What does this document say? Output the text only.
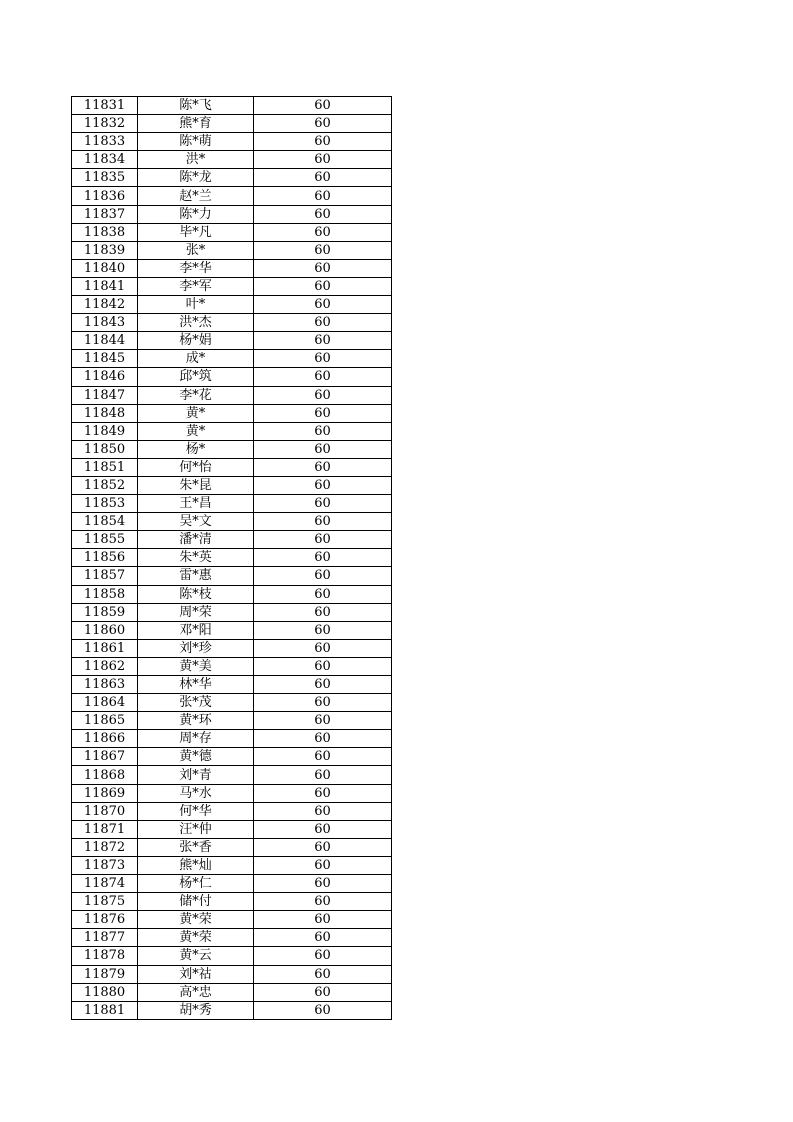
11831	陈*飞	60
11832	熊*育	60
11833	陈*萌	60
11834	洪*	60
11835	陈*龙	60
11836	赵*兰	60
11837	陈*力	60
11838	毕*凡	60
11839	张*	60
11840	李*华	60
11841	李*军	60
11842	叶*	60
11843	洪*杰	60
11844	杨*娟	60
11845	成*	60
11846	邱*筑	60
11847	李*花	60
11848	黄*	60
11849	黄*	60
11850	杨*	60
11851	何*怡	60
11852	朱*昆	60
11853	王*昌	60
11854	吴*文	60
11855	潘*清	60
11856	朱*英	60
11857	雷*惠	60
11858	陈*枝	60
11859	周*荣	60
11860	邓*阳	60
11861	刘*珍	60
11862	黄*美	60
11863	林*华	60
11864	张*茂	60
11865	黄*环	60
11866	周*存	60
11867	黄*德	60
11868	刘*青	60
11869	马*水	60
11870	何*华	60
11871	汪*仲	60
11872	张*香	60
11873	熊*灿	60
11874	杨*仁	60
11875	储*付	60
11876	黄*荣	60
11877	黄*荣	60
11878	黄*云	60
11879	刘*祜	60
11880	高*忠	60
11881	胡*秀	60
